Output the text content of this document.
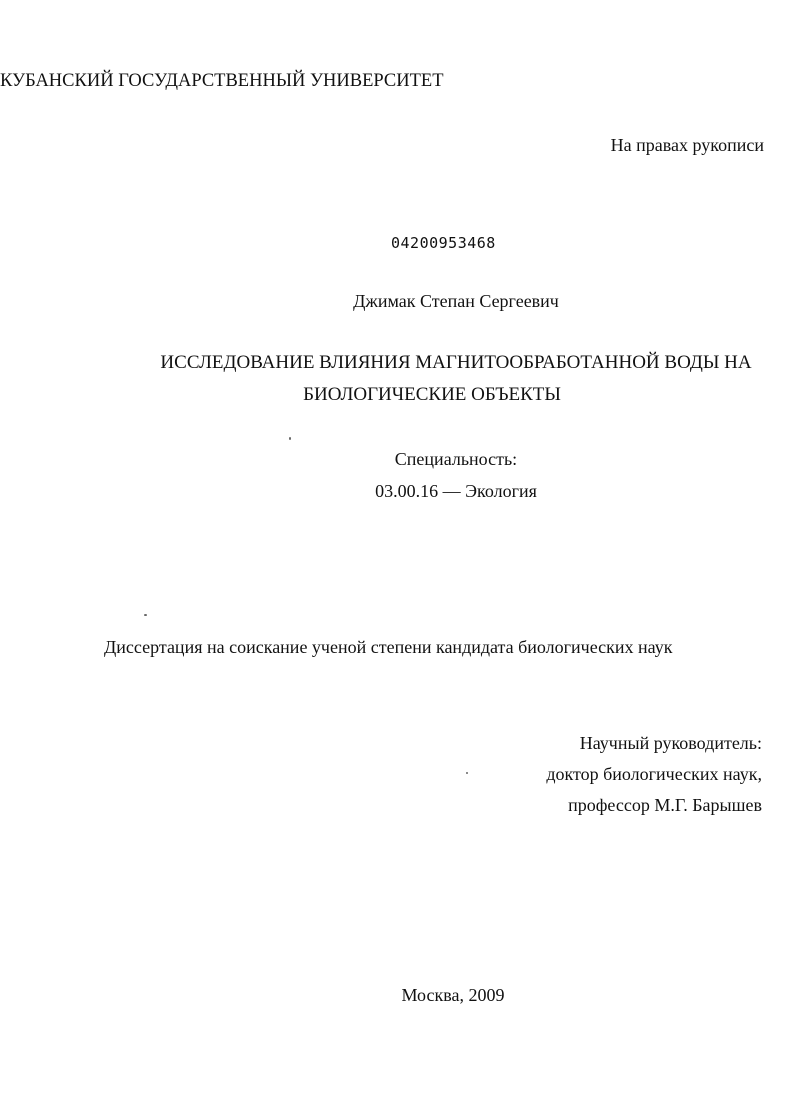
КУБАНСКИЙ ГОСУДАРСТВЕННЫЙ УНИВЕРСИТЕТ
На правах рукописи
04200953468
Джимак Степан Сергеевич
ИССЛЕДОВАНИЕ ВЛИЯНИЯ МАГНИТООБРАБОТАННОЙ ВОДЫ НА
БИОЛОГИЧЕСКИЕ ОБЪЕКТЫ
Специальность:
03.00.16 — Экология
Диссертация на соискание ученой степени кандидата биологических наук
Научный руководитель:
доктор биологических наук,
профессор М.Г. Барышев
Москва, 2009
